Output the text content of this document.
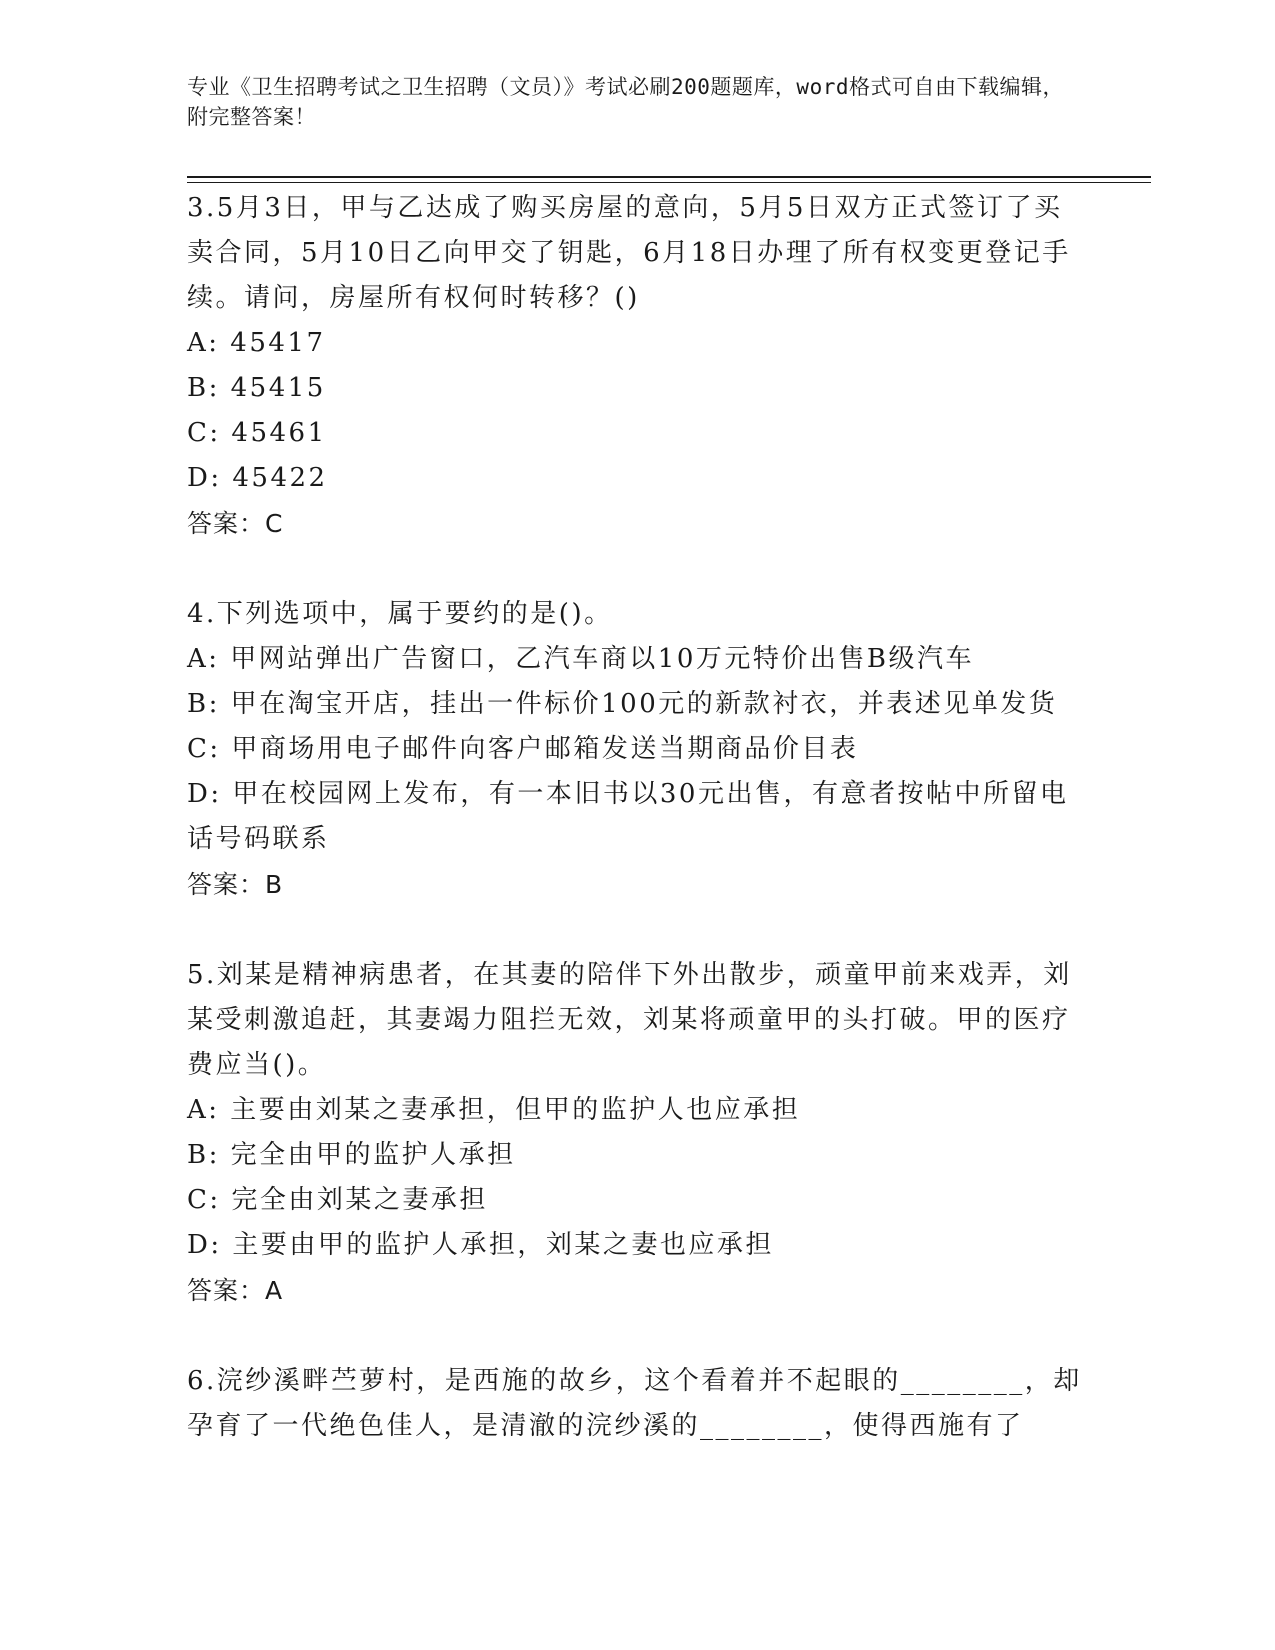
专业《卫生招聘考试之卫生招聘（文员）》考试必刷200题题库，word格式可自由下载编辑，附完整答案！

3.5月3日，甲与乙达成了购买房屋的意向，5月5日双方正式签订了买卖合同，5月10日乙向甲交了钥匙，6月18日办理了所有权变更登记手续。请问，房屋所有权何时转移？()

A: 45417

B: 45415

C: 45461

D: 45422

答案：C

4.下列选项中，属于要约的是()。

A: 甲网站弹出广告窗口，乙汽车商以10万元特价出售B级汽车

B: 甲在淘宝开店，挂出一件标价100元的新款衬衣，并表述见单发货

C: 甲商场用电子邮件向客户邮箱发送当期商品价目表

D: 甲在校园网上发布，有一本旧书以30元出售，有意者按帖中所留电话号码联系

答案：B

5.刘某是精神病患者，在其妻的陪伴下外出散步，顽童甲前来戏弄，刘某受刺激追赶，其妻竭力阻拦无效，刘某将顽童甲的头打破。甲的医疗费应当()。

A: 主要由刘某之妻承担，但甲的监护人也应承担

B: 完全由甲的监护人承担

C: 完全由刘某之妻承担

D: 主要由甲的监护人承担，刘某之妻也应承担

答案：A

6.浣纱溪畔苎萝村，是西施的故乡，这个看着并不起眼的________，却孕育了一代绝色佳人，是清澈的浣纱溪的________，使得西施有了
